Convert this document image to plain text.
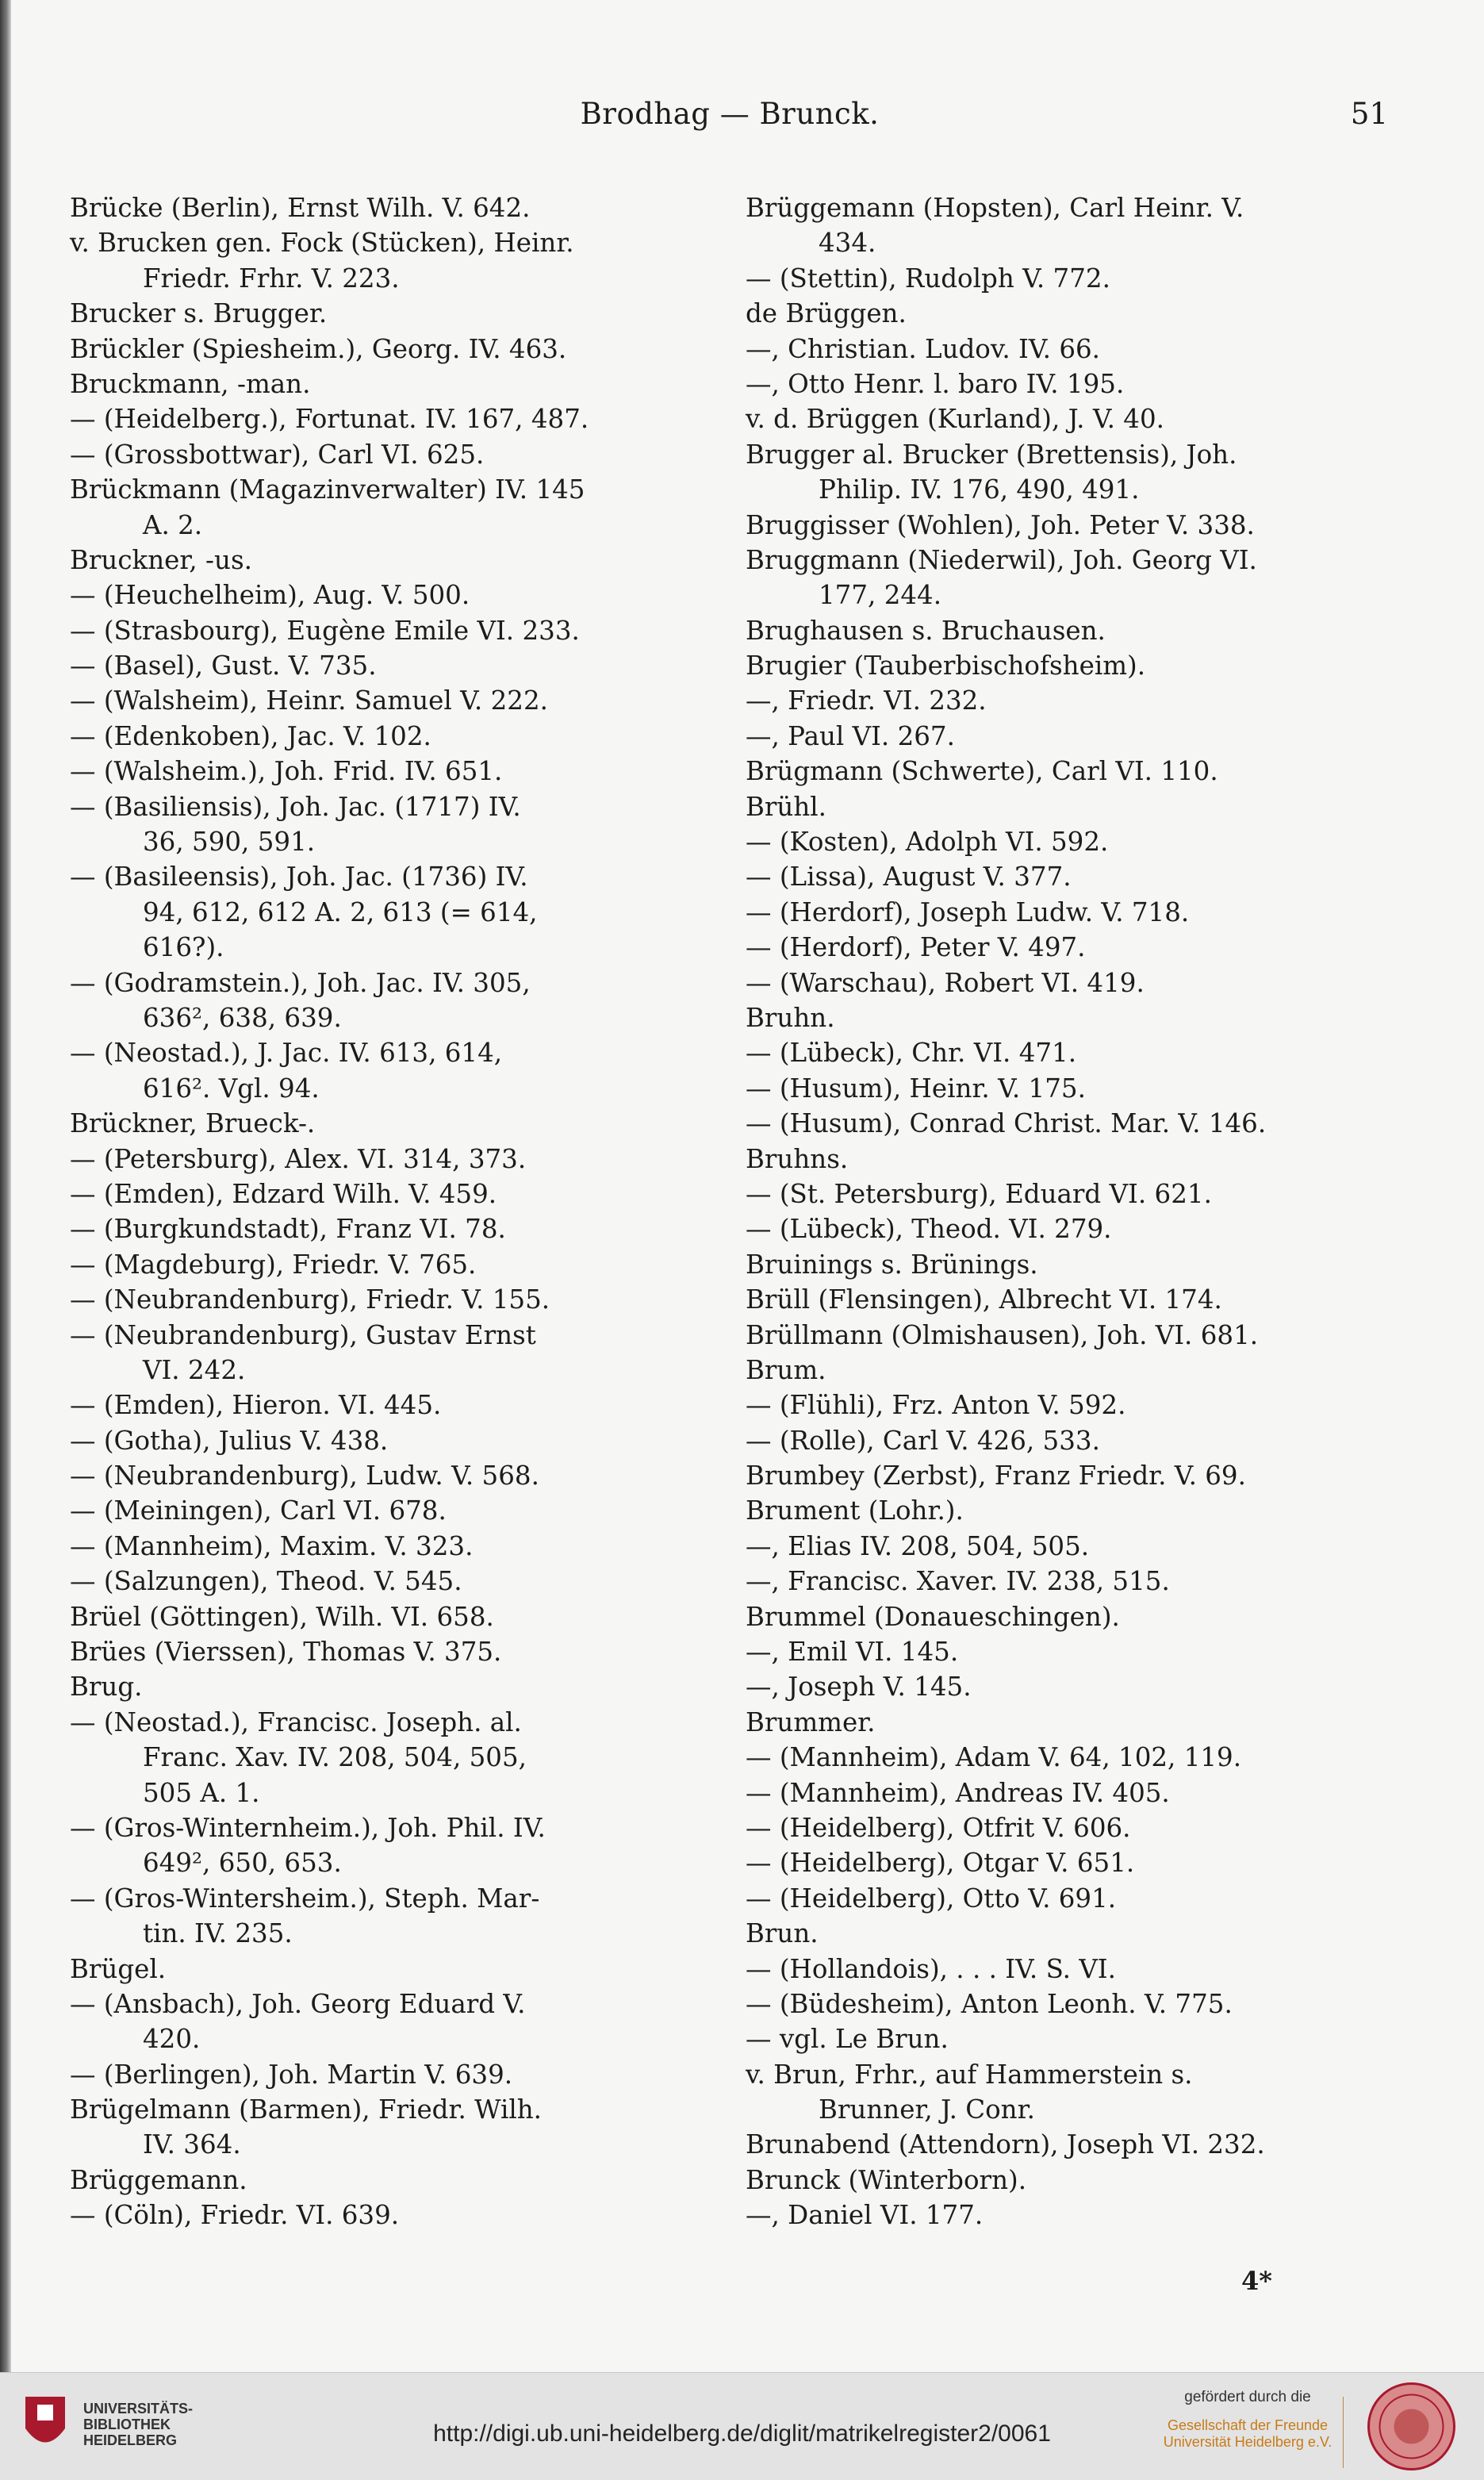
Brodhag — Brunck.	51
Brücke (Berlin), Ernst Wilh. V. 642.
v. Brucken gen. Fock (Stücken), Heinr.
Friedr. Frhr. V. 223.
Brucker s. Brugger.
Brückler (Spiesheim.), Georg. IV. 463.
Bruckmann, -man.
— (Heidelberg.), Fortunat. IV. 167, 487.
— (Grossbottwar), Carl VI. 625.
Brückmann (Magazinverwalter) IV. 145
A. 2.
Bruckner, -us.
— (Heuchelheim), Aug. V. 500.
— (Strasbourg), Eugène Emile VI. 233.
— (Basel), Gust. V. 735.
— (Walsheim), Heinr. Samuel V. 222.
— (Edenkoben), Jac. V. 102.
— (Walsheim.), Joh. Frid. IV. 651.
— (Basiliensis), Joh. Jac. (1717) IV.
36, 590, 591.
— (Basileensis), Joh. Jac. (1736) IV.
94, 612, 612 A. 2, 613 (= 614,
616?).
— (Godramstein.), Joh. Jac. IV. 305,
636², 638, 639.
— (Neostad.), J. Jac. IV. 613, 614,
616². Vgl. 94.
Brückner, Brueck-.
— (Petersburg), Alex. VI. 314, 373.
— (Emden), Edzard Wilh. V. 459.
— (Burgkundstadt), Franz VI. 78.
— (Magdeburg), Friedr. V. 765.
— (Neubrandenburg), Friedr. V. 155.
— (Neubrandenburg), Gustav Ernst
VI. 242.
— (Emden), Hieron. VI. 445.
— (Gotha), Julius V. 438.
— (Neubrandenburg), Ludw. V. 568.
— (Meiningen), Carl VI. 678.
— (Mannheim), Maxim. V. 323.
— (Salzungen), Theod. V. 545.
Brüel (Göttingen), Wilh. VI. 658.
Brües (Vierssen), Thomas V. 375.
Brug.
— (Neostad.), Francisc. Joseph. al.
Franc. Xav. IV. 208, 504, 505,
505 A. 1.
— (Gros-Winternheim.), Joh. Phil. IV.
649², 650, 653.
— (Gros-Wintersheim.), Steph. Mar-
tin. IV. 235.
Brügel.
— (Ansbach), Joh. Georg Eduard V.
420.
— (Berlingen), Joh. Martin V. 639.
Brügelmann (Barmen), Friedr. Wilh.
IV. 364.
Brüggemann.
— (Cöln), Friedr. VI. 639.
Brüggemann (Hopsten), Carl Heinr. V.
434.
— (Stettin), Rudolph V. 772.
de Brüggen.
—, Christian. Ludov. IV. 66.
—, Otto Henr. l. baro IV. 195.
v. d. Brüggen (Kurland), J. V. 40.
Brugger al. Brucker (Brettensis), Joh.
Philip. IV. 176, 490, 491.
Bruggisser (Wohlen), Joh. Peter V. 338.
Bruggmann (Niederwil), Joh. Georg VI.
177, 244.
Brughausen s. Bruchausen.
Brugier (Tauberbischofsheim).
—, Friedr. VI. 232.
—, Paul VI. 267.
Brügmann (Schwerte), Carl VI. 110.
Brühl.
— (Kosten), Adolph VI. 592.
— (Lissa), August V. 377.
— (Herdorf), Joseph Ludw. V. 718.
— (Herdorf), Peter V. 497.
— (Warschau), Robert VI. 419.
Bruhn.
— (Lübeck), Chr. VI. 471.
— (Husum), Heinr. V. 175.
— (Husum), Conrad Christ. Mar. V. 146.
Bruhns.
— (St. Petersburg), Eduard VI. 621.
— (Lübeck), Theod. VI. 279.
Bruinings s. Brünings.
Brüll (Flensingen), Albrecht VI. 174.
Brüllmann (Olmishausen), Joh. VI. 681.
Brum.
— (Flühli), Frz. Anton V. 592.
— (Rolle), Carl V. 426, 533.
Brumbey (Zerbst), Franz Friedr. V. 69.
Brument (Lohr.).
—, Elias IV. 208, 504, 505.
—, Francisc. Xaver. IV. 238, 515.
Brummel (Donaueschingen).
—, Emil VI. 145.
—, Joseph V. 145.
Brummer.
— (Mannheim), Adam V. 64, 102, 119.
— (Mannheim), Andreas IV. 405.
— (Heidelberg), Otfrit V. 606.
— (Heidelberg), Otgar V. 651.
— (Heidelberg), Otto V. 691.
Brun.
— (Hollandois), . . . IV. S. VI.
— (Büdesheim), Anton Leonh. V. 775.
— vgl. Le Brun.
v. Brun, Frhr., auf Hammerstein s.
Brunner, J. Conr.
Brunabend (Attendorn), Joseph VI. 232.
Brunck (Winterborn).
—, Daniel VI. 177.
4*
UNIVERSITÄTS-
BIBLIOTHEK
HEIDELBERG	http://digi.ub.uni-heidelberg.de/diglit/matrikelregister2/0061
gefördert durch die
Gesellschaft der Freunde
Universität Heidelberg e.V.
